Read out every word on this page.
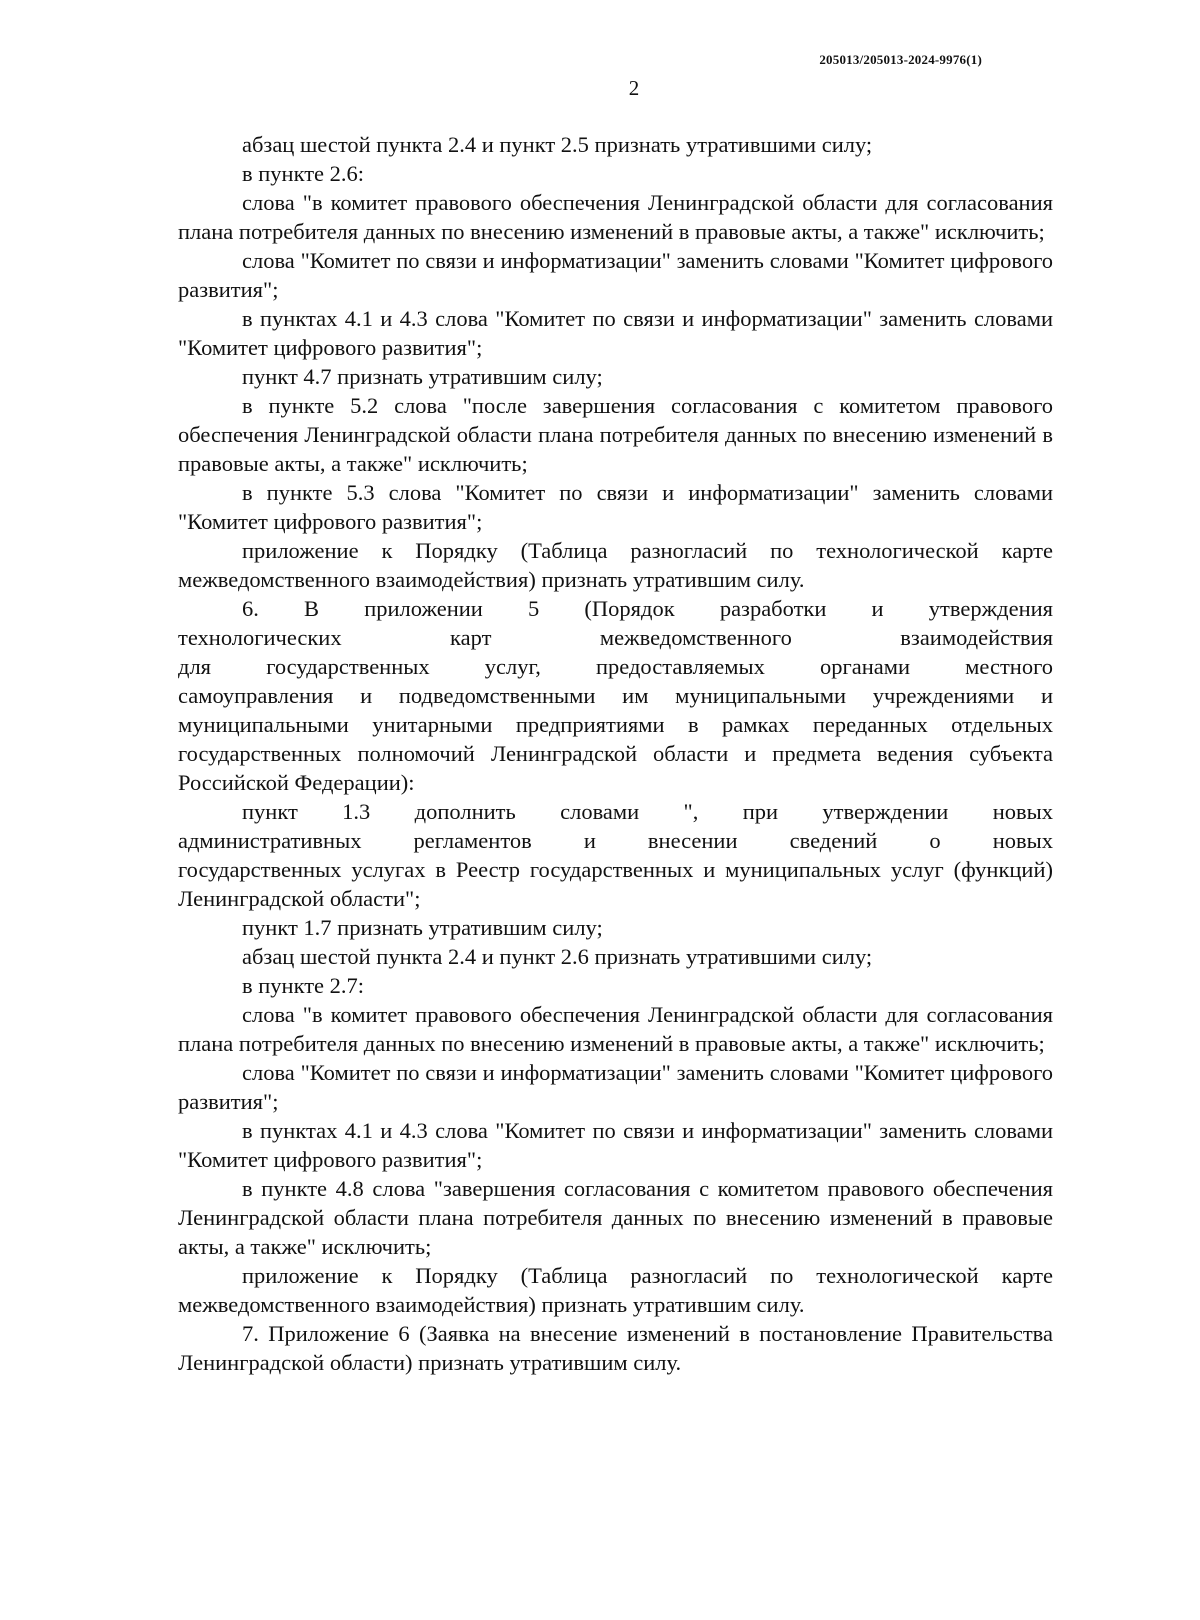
205013/205013-2024-9976(1)
2

абзац шестой пункта 2.4 и пункт 2.5 признать утратившими силу;

в пункте 2.6:

слова "в комитет правового обеспечения Ленинградской области для согласования плана потребителя данных по внесению изменений в правовые акты, а также" исключить;

слова "Комитет по связи и информатизации" заменить словами "Комитет цифрового развития";

в пунктах 4.1 и 4.3 слова "Комитет по связи и информатизации" заменить словами "Комитет цифрового развития";

пункт 4.7 признать утратившим силу;

в пункте 5.2 слова "после завершения согласования с комитетом правового обеспечения Ленинградской области плана потребителя данных по внесению изменений в правовые акты, а также" исключить;

в пункте 5.3 слова "Комитет по связи и информатизации" заменить словами "Комитет цифрового развития";

приложение к Порядку (Таблица разногласий по технологической карте межведомственного взаимодействия) признать утратившим силу.

6. В приложении 5 (Порядок разработки и утверждения

технологических карт межведомственного взаимодействия

для государственных услуг, предоставляемых органами местного

самоуправления и подведомственными им муниципальными учреждениями и муниципальными унитарными предприятиями в рамках переданных отдельных государственных полномочий Ленинградской области и предмета ведения субъекта Российской Федерации):

пункт 1.3 дополнить словами ", при утверждении новых

административных регламентов и внесении сведений о новых

государственных услугах в Реестр государственных и муниципальных услуг (функций) Ленинградской области";

пункт 1.7 признать утратившим силу;

абзац шестой пункта 2.4 и пункт 2.6 признать утратившими силу;

в пункте 2.7:

слова "в комитет правового обеспечения Ленинградской области для согласования плана потребителя данных по внесению изменений в правовые акты, а также" исключить;

слова "Комитет по связи и информатизации" заменить словами "Комитет цифрового развития";

в пунктах 4.1 и 4.3 слова "Комитет по связи и информатизации" заменить словами "Комитет цифрового развития";

в пункте 4.8 слова "завершения согласования с комитетом правового обеспечения Ленинградской области плана потребителя данных по внесению изменений в правовые акты, а также" исключить;

приложение к Порядку (Таблица разногласий по технологической карте межведомственного взаимодействия) признать утратившим силу.

7. Приложение 6 (Заявка на внесение изменений в постановление Правительства Ленинградской области) признать утратившим силу.
